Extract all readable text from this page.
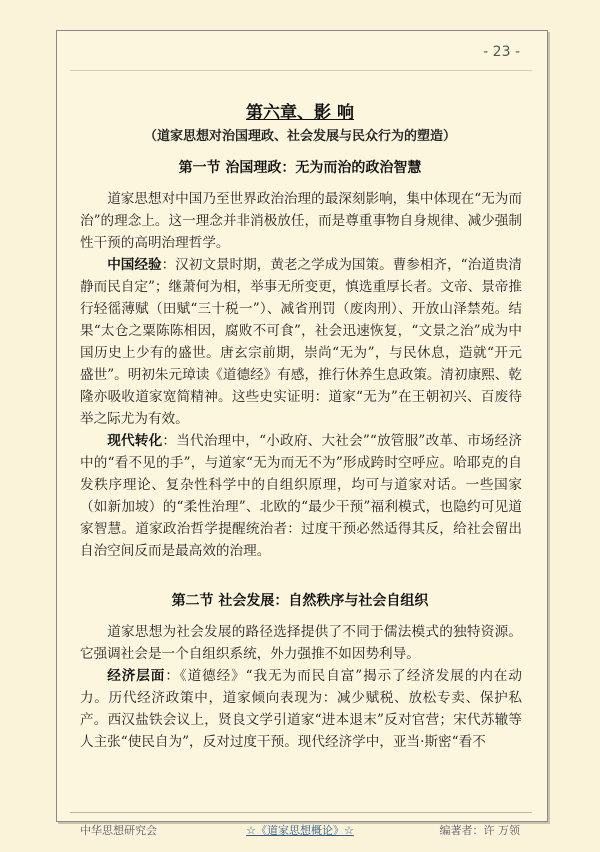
- 23 -
第六章、影 响
（道家思想对治国理政、社会发展与民众行为的塑造）
第一节 治国理政：无为而治的政治智慧

道家思想对中国乃至世界政治治理的最深刻影响，集中体现在“无为而治”的理念上。这一理念并非消极放任，而是尊重事物自身规律、减少强制性干预的高明治理哲学。

中国经验：汉初文景时期，黄老之学成为国策。曹参相齐，“治道贵清静而民自定”；继萧何为相，举事无所变更，慎选重厚长者。文帝、景帝推行轻徭薄赋（田赋“三十税一”）、减省刑罚（废肉刑）、开放山泽禁苑。结果“太仓之粟陈陈相因，腐败不可食”，社会迅速恢复，“文景之治”成为中国历史上少有的盛世。唐玄宗前期，崇尚“无为”，与民休息，造就“开元盛世”。明初朱元璋读《道德经》有感，推行休养生息政策。清初康熙、乾隆亦吸收道家宽简精神。这些史实证明：道家“无为”在王朝初兴、百废待举之际尤为有效。

现代转化：当代治理中，“小政府、大社会”“放管服”改革、市场经济中的“看不见的手”，与道家“无为而无不为”形成跨时空呼应。哈耶克的自发秩序理论、复杂性科学中的自组织原理，均可与道家对话。一些国家（如新加坡）的“柔性治理”、北欧的“最少干预”福利模式，也隐约可见道家智慧。道家政治哲学提醒统治者：过度干预必然适得其反，给社会留出自治空间反而是最高效的治理。

第二节 社会发展：自然秩序与社会自组织

道家思想为社会发展的路径选择提供了不同于儒法模式的独特资源。它强调社会是一个自组织系统，外力强推不如因势利导。

经济层面：《道德经》“我无为而民自富”揭示了经济发展的内在动力。历代经济政策中，道家倾向表现为：减少赋税、放松专卖、保护私产。西汉盐铁会议上，贤良文学引道家“进本退末”反对官营；宋代苏辙等人主张“使民自为”，反对过度干预。现代经济学中，亚当·斯密“看不

中华思想研究会	☆《道家思想概论》☆	编著者：许 万领
